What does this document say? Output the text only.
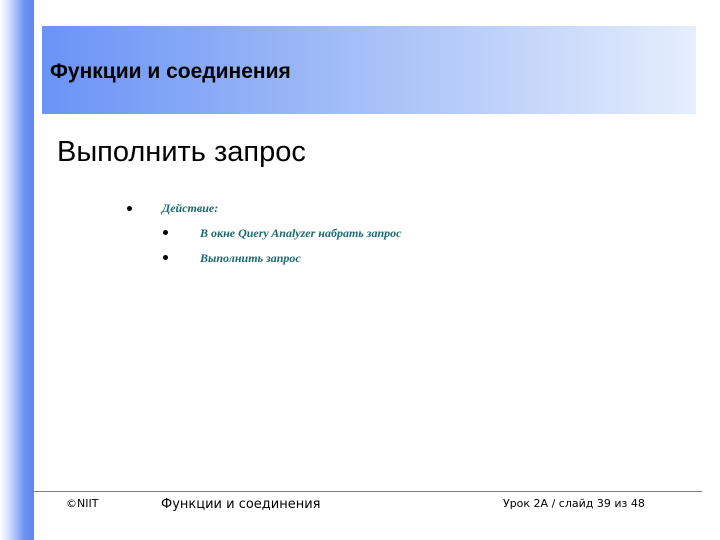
Функции и соединения
Выполнить запрос
Действие:
В окне Query Analyzer набрать запрос
Выполнить запрос
©NIIT	Функции и соединения	Урок 2А / слайд 39 из 48
